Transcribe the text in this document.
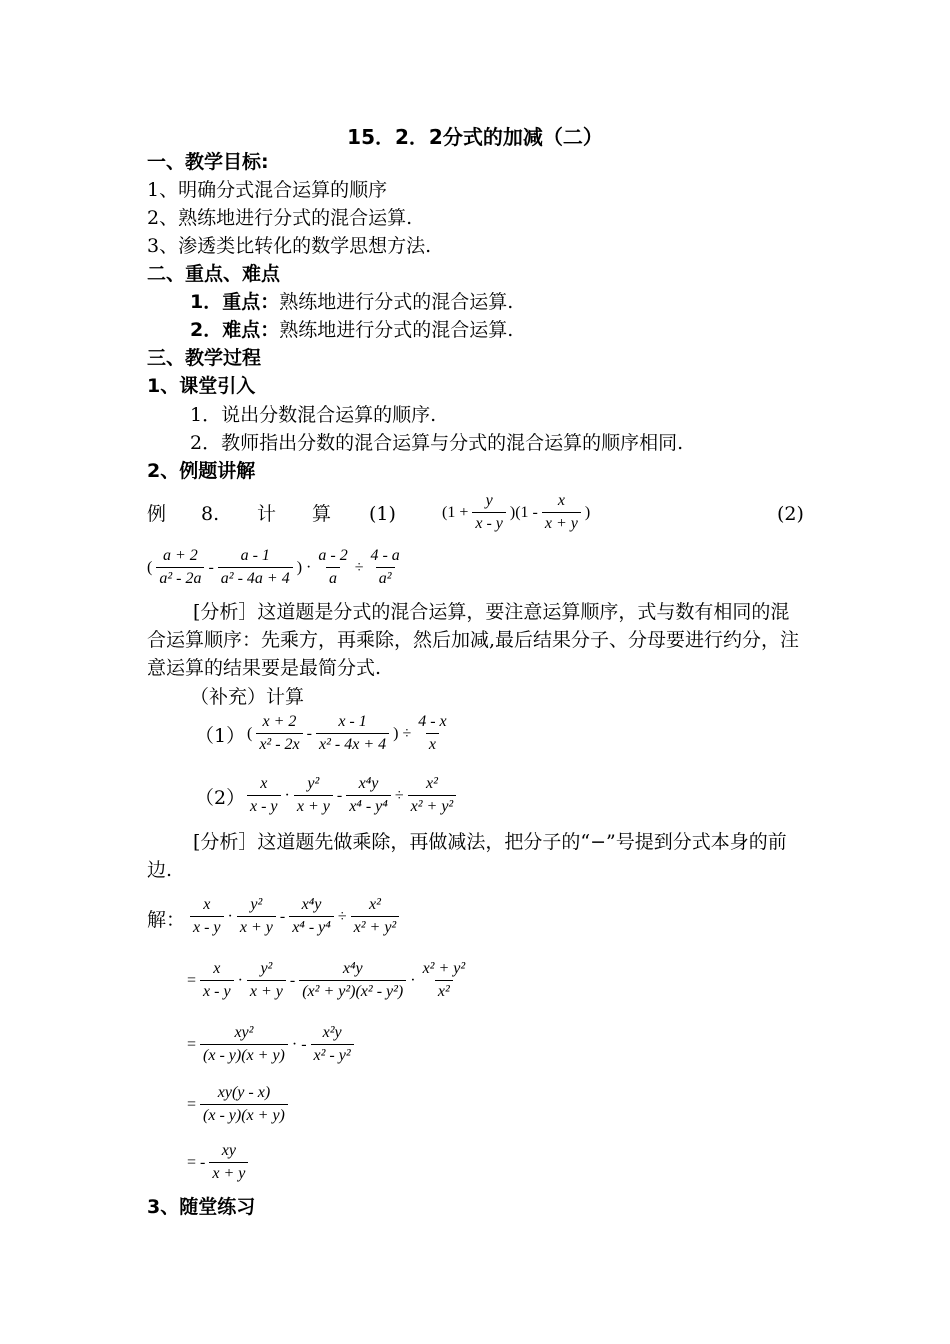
15．2．2分式的加减（二）
一、教学目标:
1、明确分式混合运算的顺序
2、熟练地进行分式的混合运算.
3、渗透类比转化的数学思想方法.
二、重点、难点
1．重点：熟练地进行分式的混合运算.
2．难点：熟练地进行分式的混合运算.
三、教学过程
1、课堂引入
1．说出分数混合运算的顺序.
2．教师指出分数的混合运算与分式的混合运算的顺序相同.
2、例题讲解
例 8. 计 算 (1)	(2)
$(1 + \frac{y}{x - y} )(1 - \frac{x}{x + y}$ )
( $\frac{a + 2}{\text{a² - 2a}} - \frac{a - 1}{\text{a² - 4a + 4}}$ ) · $\frac{a - 2}{a} \div \frac{4 - a}{\text{a²}}$
[分析］这道题是分式的混合运算，要注意运算顺序，式与数有相同的混合运算顺序：先乘方，再乘除，然后加减,最后结果分子、分母要进行约分，注意运算的结果要是最简分式.
（补充）计算
（1） ( $\frac{x + 2}{\text{x² - 2x}} - \frac{x - 1}{\text{x² - 4x + 4}}$ ) ÷ $\frac{4 - x}{x}$
$(2) \frac{x}{x - y} \cdot \frac{\text{y²}}{x + y} - \frac{\text{x⁴y}}{\text{x⁴ - y⁴}} \div \frac{\text{x²}}{\text{x² + y²}}$
[分析］这道题先做乘除，再做减法，把分子的“−”号提到分式本身的前边.
解： $\frac{x}{x - y} \cdot \frac{\text{y²}}{x + y} - \frac{\text{x⁴y}}{\text{x⁴ - y⁴}} \div \frac{\text{x²}}{\text{x² + y²}}$
= $\frac{x}{x - y} \cdot \frac{\text{y²}}{x + y} - \frac{\text{x⁴y}}{\text{(x² + y²)(x² - y²)}} \cdot \frac{\text{x² + y²}}{\text{x²}}$
= $\frac{\text{xy²}}{(x - y)(x + y)}$ · - $\frac{\text{x²y}}{\text{x² - y²}}$
= $\frac{xy(y - x)}{(x - y)(x + y)}$
= - $\frac{xy}{x + y}$
3、随堂练习
